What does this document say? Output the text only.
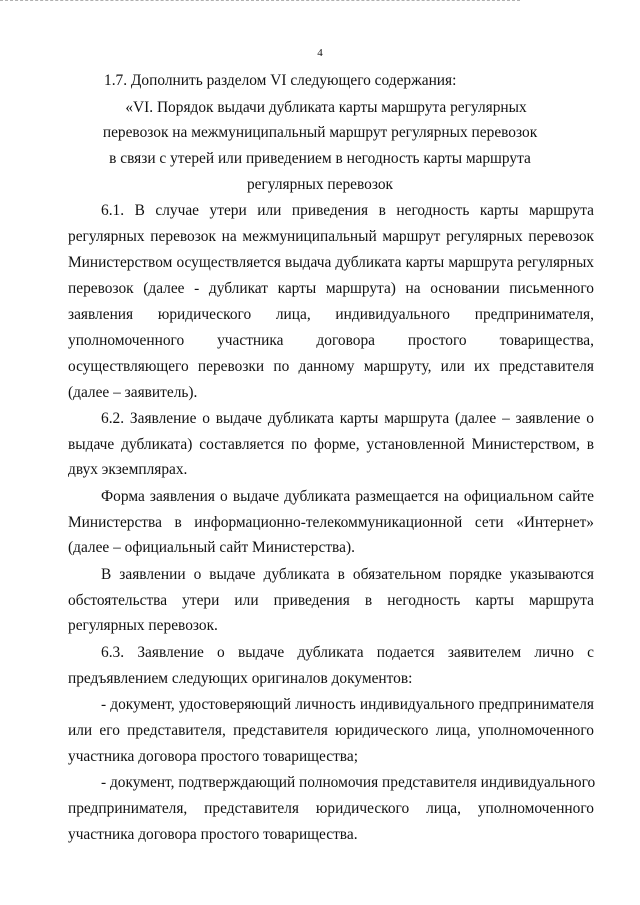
4
1.7. Дополнить разделом VI следующего содержания:
«VI. Порядок выдачи дубликата карты маршрута регулярных
перевозок на межмуниципальный маршрут регулярных перевозок
в связи с утерей или приведением в негодность карты маршрута
регулярных перевозок
6.1. В случае утери или приведения в негодность карты маршрута
регулярных перевозок на межмуниципальный маршрут регулярных перевозок
Министерством осуществляется выдача дубликата карты маршрута регулярных
перевозок (далее - дубликат карты маршрута) на основании письменного
заявления юридического лица, индивидуального предпринимателя,
уполномоченного участника договора простого товарищества,
осуществляющего перевозки по данному маршруту, или их представителя
(далее – заявитель).
6.2. Заявление о выдаче дубликата карты маршрута (далее – заявление о
выдаче дубликата) составляется по форме, установленной Министерством, в
двух экземплярах.
Форма заявления о выдаче дубликата размещается на официальном сайте
Министерства в информационно-телекоммуникационной сети «Интернет»
(далее – официальный сайт Министерства).
В заявлении о выдаче дубликата в обязательном порядке указываются
обстоятельства утери или приведения в негодность карты маршрута
регулярных перевозок.
6.3. Заявление о выдаче дубликата подается заявителем лично с
предъявлением следующих оригиналов документов:
- документ, удостоверяющий личность индивидуального предпринимателя
или его представителя, представителя юридического лица, уполномоченного
участника договора простого товарищества;
- документ, подтверждающий полномочия представителя индивидуального
предпринимателя, представителя юридического лица, уполномоченного
участника договора простого товарищества.
